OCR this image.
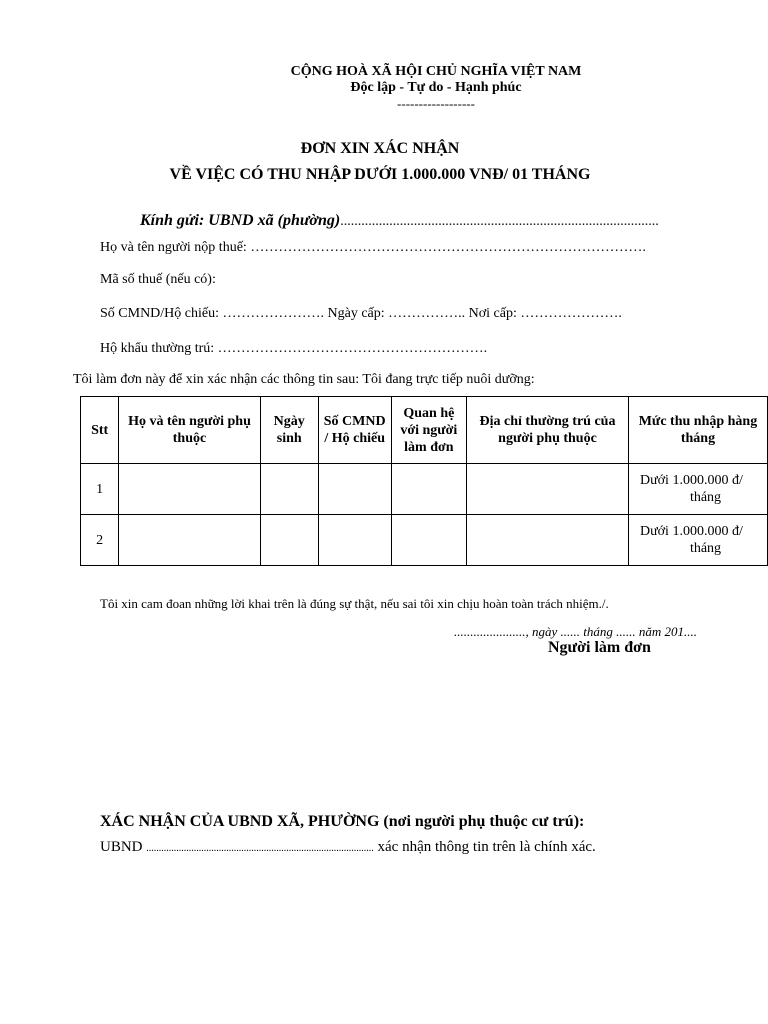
CỘNG HOÀ XÃ HỘI CHỦ NGHĨA VIỆT NAM
Độc lập - Tự do - Hạnh phúc
------------------
ĐƠN XIN XÁC NHẬN
VỀ VIỆC CÓ THU NHẬP DƯỚI 1.000.000 VNĐ/ 01 THÁNG
Kính gửi: UBND xã (phường)...........................................................................................
Họ và tên người nộp thuế: ………………………………………………………………………….
Mã số thuế (nếu có):
Số CMND/Hộ chiếu: …………………. Ngày cấp: …………….. Nơi cấp: ………………….
Hộ khẩu thường trú: ………………………………………………….
Tôi làm đơn này để xin xác nhận các thông tin sau: Tôi đang trực tiếp nuôi dưỡng:
Stt	Họ và tên người phụ thuộc	Ngày sinh	Số CMND / Hộ chiếu	Quan hệ với người làm đơn	Địa chỉ thường trú của người phụ thuộc	Mức thu nhập hàng tháng
1						Dưới 1.000.000 đ/
tháng

2						Dưới 1.000.000 đ/
tháng
Tôi xin cam đoan những lời khai trên là đúng sự thật, nếu sai tôi xin chịu hoàn toàn trách nhiệm./.
......................, ngày ...... tháng ...... năm 201....
Người làm đơn
XÁC NHẬN CỦA UBND XÃ, PHƯỜNG (nơi người phụ thuộc cư trú):
UBND ........................................................................................... xác nhận thông tin trên là chính xác.
